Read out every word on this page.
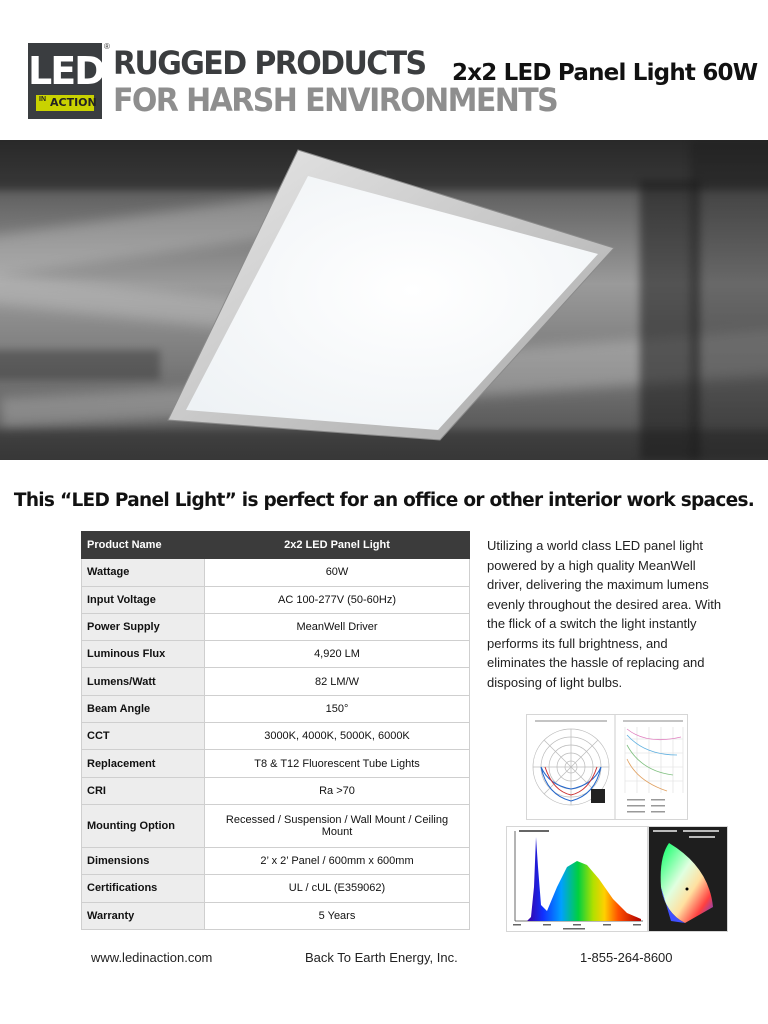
LED
IN ACTION
® RUGGED PRODUCTS
FOR HARSH ENVIRONMENTS
2x2 LED Panel Light 60W
This “LED Panel Light” is perfect for an office or other interior work spaces.
Product Name	2x2 LED Panel Light
Wattage	60W
Input Voltage	AC 100-277V (50-60Hz)
Power Supply	MeanWell Driver
Luminous Flux	4,920 LM
Lumens/Watt	82 LM/W
Beam Angle	150°
CCT	3000K, 4000K, 5000K, 6000K
Replacement	T8 & T12 Fluorescent Tube Lights
CRI	Ra >70
Mounting Option	Recessed / Suspension / Wall Mount / Ceiling Mount
Dimensions	2’ x 2’ Panel / 600mm x 600mm
Certifications	UL / cUL (E359062)
Warranty	5 Years
Utilizing a world class LED panel light powered by a high quality MeanWell driver, delivering the maximum lumens evenly throughout the desired area. With the flick of a switch the light instantly performs its full brightness, and eliminates the hassle of replacing and disposing of light bulbs.
www.ledinaction.com	Back To Earth Energy, Inc.	1-855-264-8600
